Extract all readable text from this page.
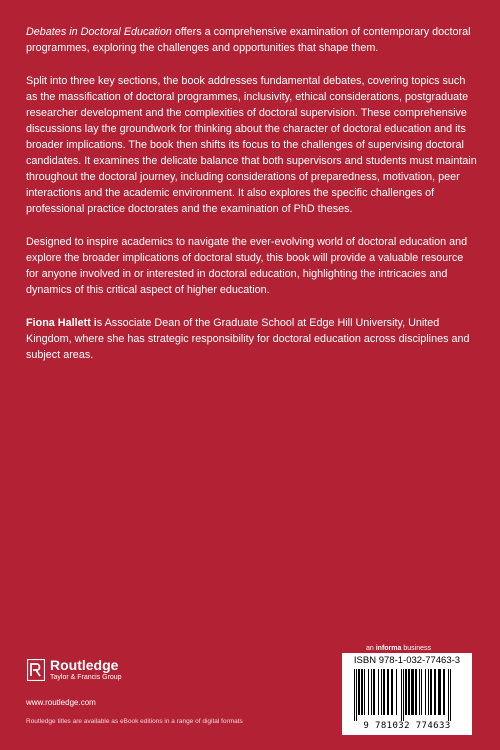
Debates in Doctoral Education offers a comprehensive examination of contemporary doctoral programmes, exploring the challenges and opportunities that shape them.

Split into three key sections, the book addresses fundamental debates, covering topics such as the massification of doctoral programmes, inclusivity, ethical considerations, postgraduate researcher development and the complexities of doctoral supervision. These comprehensive discussions lay the groundwork for thinking about the character of doctoral education and its broader implications. The book then shifts its focus to the challenges of supervising doctoral candidates. It examines the delicate balance that both supervisors and students must maintain throughout the doctoral journey, including considerations of preparedness, motivation, peer interactions and the academic environment. It also explores the specific challenges of professional practice doctorates and the examination of PhD theses.

Designed to inspire academics to navigate the ever-evolving world of doctoral education and explore the broader implications of doctoral study, this book will provide a valuable resource for anyone involved in or interested in doctoral education, highlighting the intricacies and dynamics of this critical aspect of higher education.

Fiona Hallett is Associate Dean of the Graduate School at Edge Hill University, United Kingdom, where she has strategic responsibility for doctoral education across disciplines and subject areas.

Routledge
Taylor & Francis Group
www.routledge.com
Routledge titles are available as eBook editions in a range of digital formats
an informa business
ISBN 978-1-032-77463-3
9 781032 774633
